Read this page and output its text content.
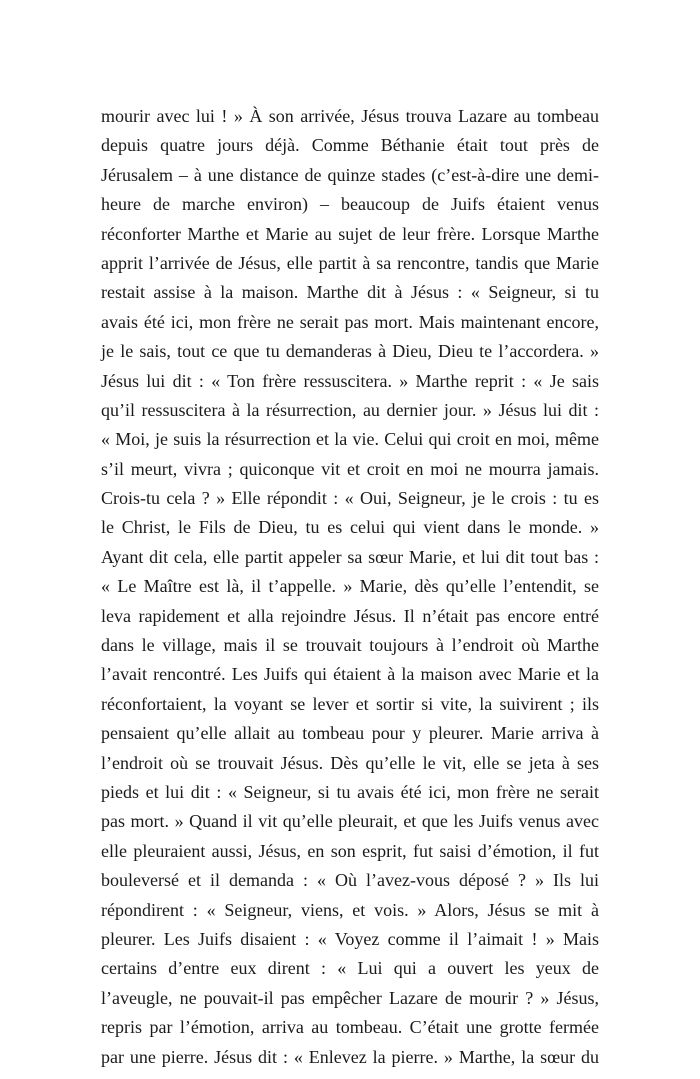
mourir avec lui ! » À son arrivée, Jésus trouva Lazare au tombeau
depuis quatre jours déjà. Comme Béthanie était tout près de
Jérusalem – à une distance de quinze stades (c’est-à-dire une demi-
heure de marche environ) – beaucoup de Juifs étaient venus
réconforter Marthe et Marie au sujet de leur frère. Lorsque Marthe
apprit l’arrivée de Jésus, elle partit à sa rencontre, tandis que Marie
restait assise à la maison. Marthe dit à Jésus : « Seigneur, si tu
avais été ici, mon frère ne serait pas mort. Mais maintenant encore,
je le sais, tout ce que tu demanderas à Dieu, Dieu te l’accordera. »
Jésus lui dit : « Ton frère ressuscitera. » Marthe reprit : « Je sais
qu’il ressuscitera à la résurrection, au dernier jour. » Jésus lui dit :
« Moi, je suis la résurrection et la vie. Celui qui croit en moi, même
s’il meurt, vivra ; quiconque vit et croit en moi ne mourra jamais.
Crois-tu cela ? » Elle répondit : « Oui, Seigneur, je le crois : tu es
le Christ, le Fils de Dieu, tu es celui qui vient dans le monde. »
Ayant dit cela, elle partit appeler sa sœur Marie, et lui dit tout bas :
« Le Maître est là, il t’appelle. » Marie, dès qu’elle l’entendit, se
leva rapidement et alla rejoindre Jésus. Il n’était pas encore entré
dans le village, mais il se trouvait toujours à l’endroit où Marthe
l’avait rencontré. Les Juifs qui étaient à la maison avec Marie et la
réconfortaient, la voyant se lever et sortir si vite, la suivirent ; ils
pensaient qu’elle allait au tombeau pour y pleurer. Marie arriva à
l’endroit où se trouvait Jésus. Dès qu’elle le vit, elle se jeta à ses
pieds et lui dit : « Seigneur, si tu avais été ici, mon frère ne serait
pas mort. » Quand il vit qu’elle pleurait, et que les Juifs venus avec
elle pleuraient aussi, Jésus, en son esprit, fut saisi d’émotion, il fut
bouleversé et il demanda : « Où l’avez-vous déposé ? » Ils lui
répondirent : « Seigneur, viens, et vois. » Alors, Jésus se mit à
pleurer. Les Juifs disaient : « Voyez comme il l’aimait ! » Mais
certains d’entre eux dirent : « Lui qui a ouvert les yeux de
l’aveugle, ne pouvait-il pas empêcher Lazare de mourir ? » Jésus,
repris par l’émotion, arriva au tombeau. C’était une grotte fermée
par une pierre. Jésus dit : « Enlevez la pierre. » Marthe, la sœur du
